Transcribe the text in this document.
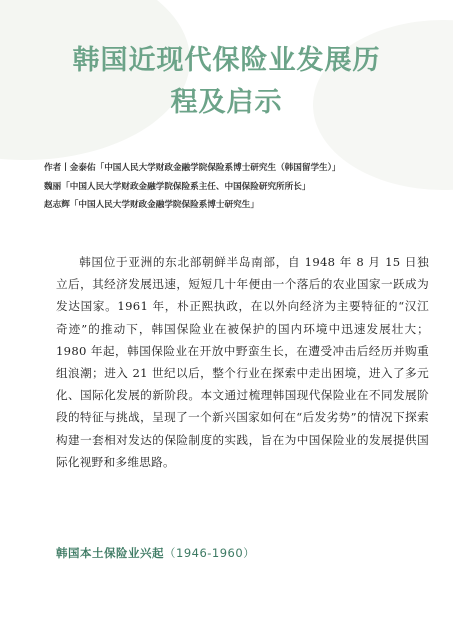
韩国近现代保险业发展历
程及启示
作者丨金泰佑「中国人民大学财政金融学院保险系博士研究生（韩国留学生）」
魏丽「中国人民大学财政金融学院保险系主任、中国保险研究所所长」
赵志辉「中国人民大学财政金融学院保险系博士研究生」

韩国位于亚洲的东北部朝鲜半岛南部，自 1948 年 8 月 15 日独立后，其经济发展迅速，短短几十年便由一个落后的农业国家一跃成为发达国家。1961 年，朴正熙执政，在以外向经济为主要特征的“汉江奇迹”的推动下，韩国保险业在被保护的国内环境中迅速发展壮大；1980 年起，韩国保险业在开放中野蛮生长，在遭受冲击后经历并购重组浪潮；进入 21 世纪以后，整个行业在探索中走出困境，进入了多元化、国际化发展的新阶段。本文通过梳理韩国现代保险业在不同发展阶段的特征与挑战，呈现了一个新兴国家如何在“后发劣势”的情况下探索构建一套相对发达的保险制度的实践，旨在为中国保险业的发展提供国际化视野和多维思路。

韩国本土保险业兴起（1946-1960）
